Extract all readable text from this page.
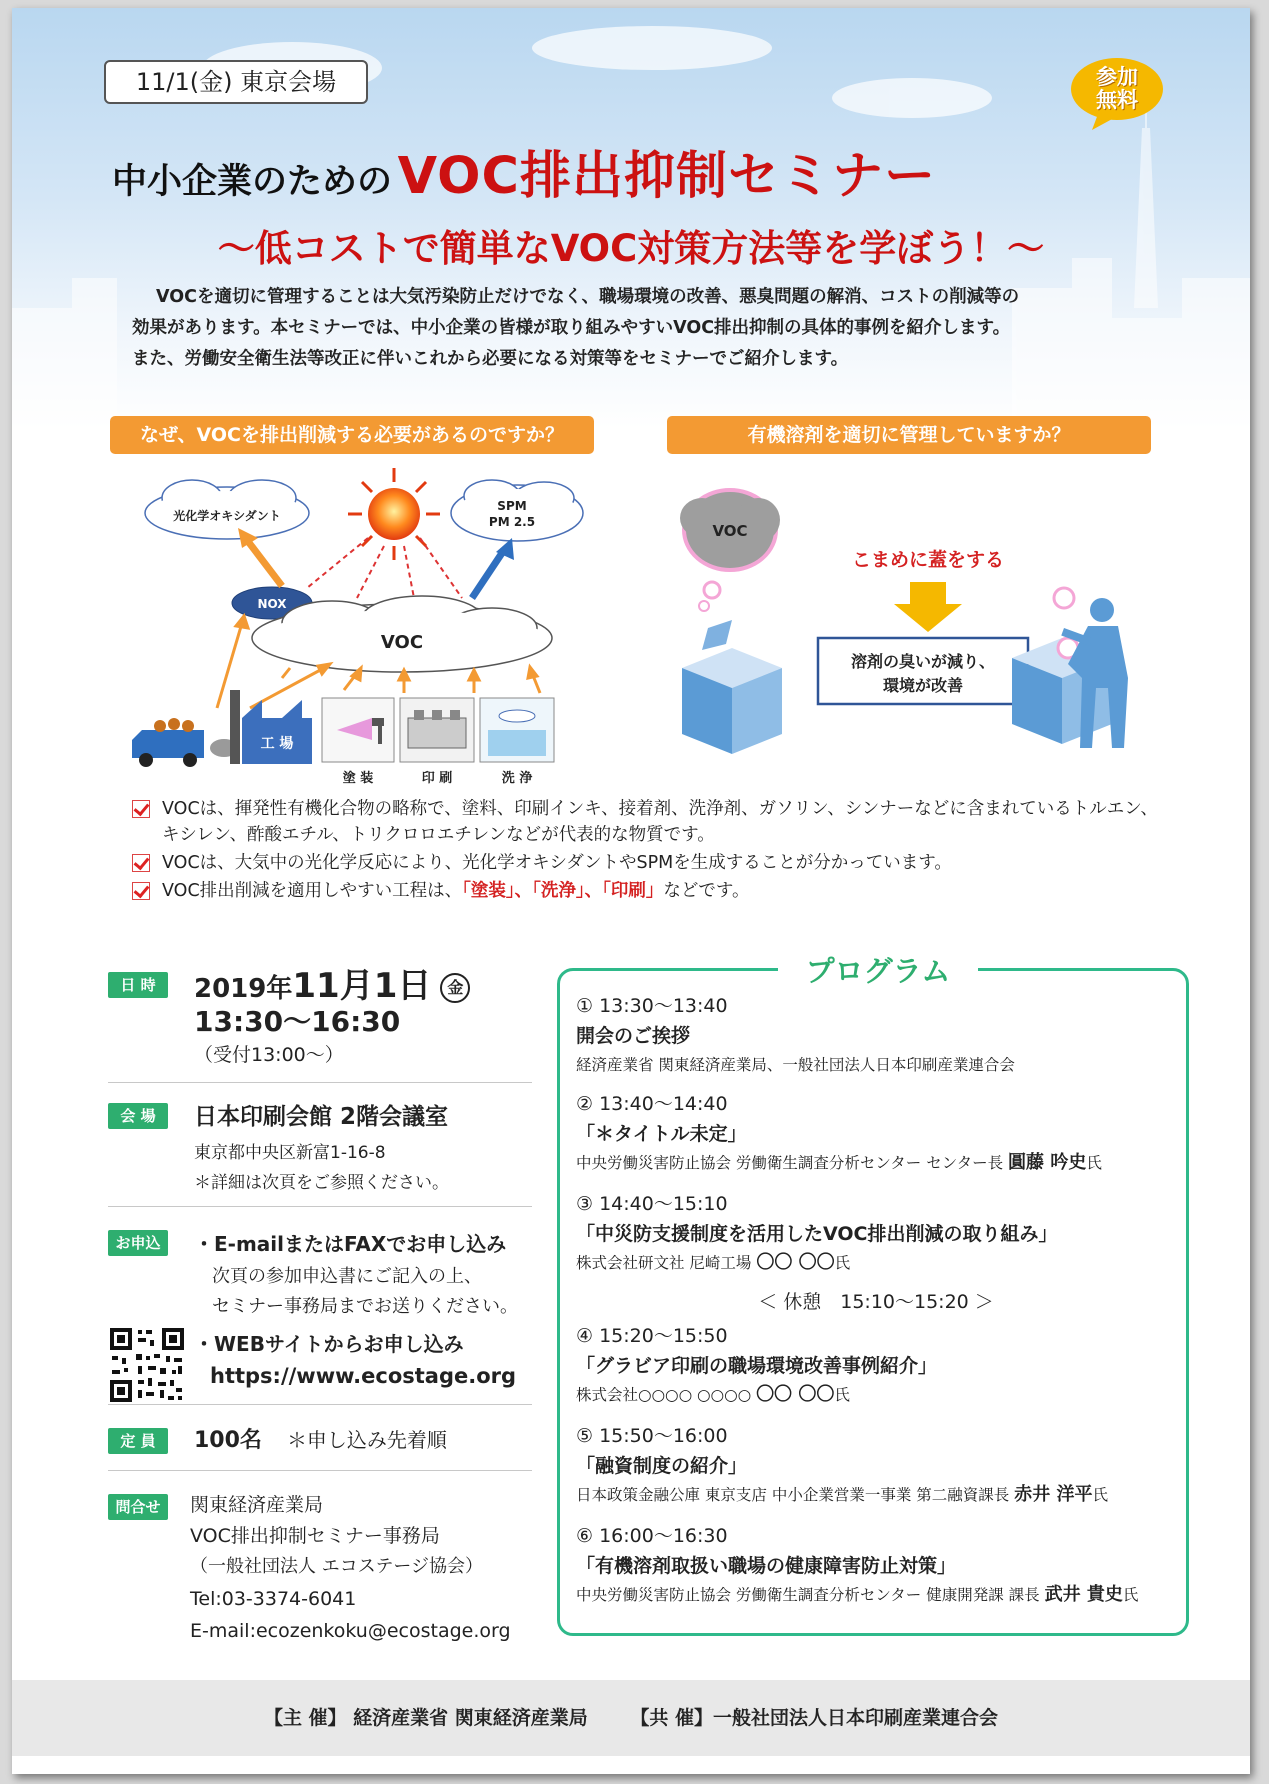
11/1(金) 東京会場	参加
無料
中小企業のための VOC排出抑制セミナー
～低コストで簡単なVOC対策方法等を学ぼう！～

VOCを適切に管理することは大気汚染防止だけでなく、職場環境の改善、悪臭問題の解消、コストの削減等の

効果があります。本セミナーでは、中小企業の皆様が取り組みやすいVOC排出抑制の具体的事例を紹介します。

また、労働安全衛生法等改正に伴いこれから必要になる対策等をセミナーでご紹介します。

なぜ、VOCを排出削減する必要があるのですか？	有機溶剤を適切に管理していますか？
光化学オキシダント
SPM
PM 2.5
NOX
VOC
工 場
塗 装	印 刷	洗 浄
VOC
こまめに蓋をする
溶剤の臭いが減り、
環境が改善
VOCは、揮発性有機化合物の略称で、塗料、印刷インキ、接着剤、洗浄剤、ガソリン、シンナーなどに含まれているトルエン、
キシレン、酢酸エチル、トリクロロエチレンなどが代表的な物質です。
VOCは、大気中の光化学反応により、光化学オキシダントやSPMを生成することが分かっています。
VOC排出削減を適用しやすい工程は、「塗装」、「洗浄」、「印刷」などです。
日 時	2019年11月1日 金
13:30～16:30
（受付13:00～）
会 場	日本印刷会館 2階会議室
東京都中央区新富1-16-8
＊詳細は次頁をご参照ください。
お申込	・E-mailまたはFAXでお申し込み
次頁の参加申込書にご記入の上、
セミナー事務局までお送りください。
・WEBサイトからお申し込み
https://www.ecostage.org
定 員	100名 ＊申し込み先着順
問合せ	関東経済産業局
VOC排出抑制セミナー事務局
（一般社団法人 エコステージ協会）
Tel:03-3374-6041
E-mail:ecozenkoku@ecostage.org
プログラム
① 13:30～13:40
開会のご挨拶
経済産業省 関東経済産業局、一般社団法人日本印刷産業連合会
② 13:40～14:40
「＊タイトル未定」
中央労働災害防止協会 労働衛生調査分析センター センター長 圓藤 吟史氏
③ 14:40～15:10
「中災防支援制度を活用したVOC排出削減の取り組み」
株式会社研文社 尼崎工場 〇〇 〇〇氏
＜ 休憩　15:10～15:20 ＞
④ 15:20～15:50
「グラビア印刷の職場環境改善事例紹介」
株式会社○○○○ ○○○○ 〇〇 〇〇氏
⑤ 15:50～16:00
「融資制度の紹介」
日本政策金融公庫 東京支店 中小企業営業一事業 第二融資課長 赤井 洋平氏
⑥ 16:00～16:30
「有機溶剤取扱い職場の健康障害防止対策」
中央労働災害防止協会 労働衛生調査分析センター 健康開発課 課長 武井 貴史氏
【主 催】 経済産業省 関東経済産業局 【共 催】一般社団法人日本印刷産業連合会
